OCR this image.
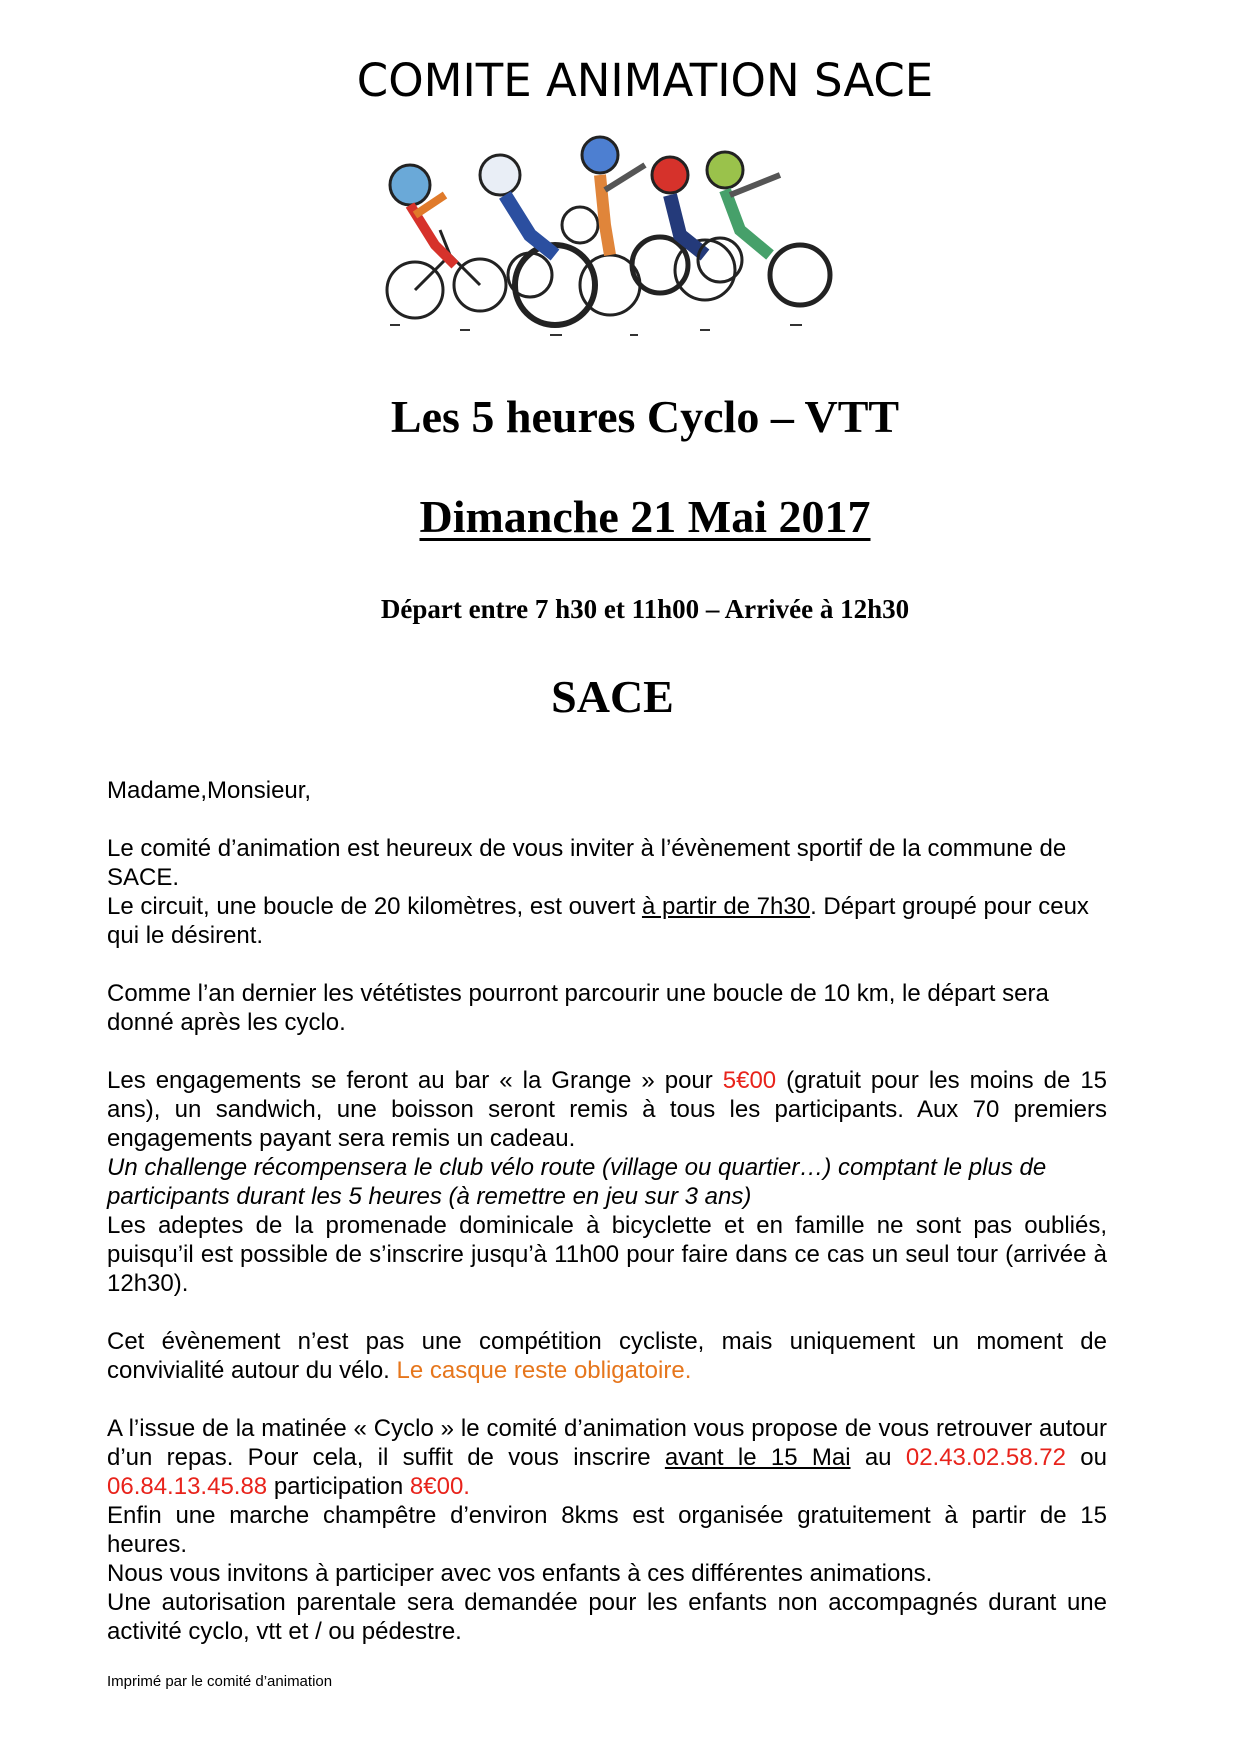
COMITE ANIMATION SACE
Les 5 heures Cyclo – VTT
Dimanche 21 Mai 2017
Départ entre 7 h30 et 11h00 – Arrivée à 12h30
SACE

Madame,Monsieur,

Le comité d’animation est heureux de vous inviter à l’évènement sportif de la commune de SACE.

Le circuit, une boucle de 20 kilomètres, est ouvert à partir de 7h30. Départ groupé pour ceux qui le désirent.

Comme l’an dernier les vététistes pourront parcourir une boucle de 10 km, le départ sera donné après les cyclo.

Les engagements se feront au bar « la Grange » pour 5€00 (gratuit pour les moins de 15 ans), un sandwich, une boisson seront remis à tous les participants. Aux 70 premiers engagements payant sera remis un cadeau.

Un challenge récompensera le club vélo route (village ou quartier…) comptant le plus de participants durant les 5 heures (à remettre en jeu sur 3 ans)

Les adeptes de la promenade dominicale à bicyclette et en famille ne sont pas oubliés, puisqu’il est possible de s’inscrire jusqu’à 11h00 pour faire dans ce cas un seul tour (arrivée à 12h30).

Cet évènement n’est pas une compétition cycliste, mais uniquement un moment de convivialité autour du vélo. Le casque reste obligatoire.

A l’issue de la matinée « Cyclo » le comité d’animation vous propose de vous retrouver autour d’un repas. Pour cela, il suffit de vous inscrire avant le 15 Mai au 02.43.02.58.72 ou 06.84.13.45.88 participation 8€00.

Enfin une marche champêtre d’environ 8kms est organisée gratuitement à partir de 15 heures.

Nous vous invitons à participer avec vos enfants à ces différentes animations.

Une autorisation parentale sera demandée pour les enfants non accompagnés durant une activité cyclo, vtt et / ou pédestre.

Imprimé par le comité d’animation
